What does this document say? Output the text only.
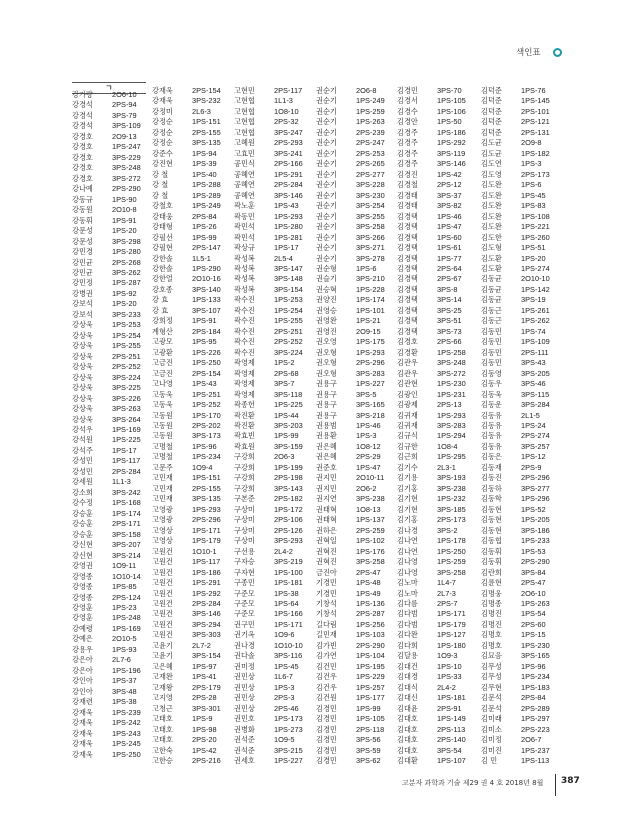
색인표
ㄱ
강가량	2O6-10
강경석	2PS-94
강경석	3PS-79
강경석	3PS-109
강경호	2O9-13
강경호	1PS-247
강경호	3PS-229
강경호	3PS-248
강경호	3PS-272
강나예	2PS-290
강동규	1PS-90
강동원	2O10-8
강동휘	1PS-91
강문성	1PS-20
강문성	3PS-298
강민경	1PS-280
강민균	2PS-268
강민균	3PS-262
강민정	1PS-287
강병권	1PS-92
강보석	1PS-20
강보석	3PS-233
강상욱	1PS-253
강상욱	1PS-254
강상욱	1PS-255
강상욱	2PS-251
강상욱	2PS-252
강상욱	3PS-224
강상욱	3PS-225
강상욱	3PS-226
강상욱	3PS-263
강상욱	3PS-264
강석우	1PS-169
강석원	1PS-225
강석주	1PS-17
강성민	1PS-117
강성민	2PS-284
강세원	1L1-3
강소희	3PS-242
강수정	1PS-168
강승훈	1PS-174
강승훈	2PS-171
강승훈	3PS-158
강신현	3PS-207
강신현	3PS-214
강영권	1O9-11
강영종	1O10-14
강영종	1PS-85
강영종	2PS-124
강영훈	1PS-23
강영훈	1PS-248
강예령	1PS-169
강예은	2O10-5
강용우	1PS-93
강은아	2L7-6
강은아	1PS-196
강인아	1PS-37
강인아	3PS-48
강재련	1PS-38
강재욱	1PS-239
강재욱	1PS-242
강재욱	1PS-243
강재욱	1PS-245
강재욱	1PS-250
강재욱	2PS-154
강재욱	3PS-232
강정미	2L6-3
강정순	1PS-151
강정순	2PS-155
강정순	3PS-135
강준수	1PS-94
강진현	1PS-39
강 철	1PS-40
강 철	1PS-288
강 철	1PS-289
강철호	1PS-249
강태웅	2PS-84
강태형	1PS-26
강필선	1PS-99
강필현	2PS-147
강한솔	1L5-1
강한솔	1PS-290
강한얼	2O10-16
강호종	3PS-140
강 효	1PS-133
강 효	3PS-107
강희정	1PS-91
계형산	2PS-184
고광모	1PS-95
고광환	1PS-226
고금진	1PS-250
고금진	2PS-154
고나영	1PS-43
고동욱	1PS-251
고동욱	1PS-252
고동원	1PS-170
고동원	2PS-202
고동원	3PS-173
고명철	1PS-96
고명철	1PS-234
고문주	1O9-4
고민재	1PS-151
고민재	2PS-155
고민재	3PS-135
고영광	1PS-293
고영광	2PS-296
고영상	1PS-171
고영상	1PS-179
고원건	1O10-1
고원건	1PS-117
고원건	1PS-186
고원건	1PS-291
고원건	1PS-292
고원건	2PS-284
고원건	3PS-146
고원건	3PS-294
고원건	3PS-303
고윤기	2L7-2
고윤기	3PS-154
고은혜	1PS-97
고재완	1PS-41
고재왕	2PS-179
고지영	2PS-28
고청근	3PS-301
고태호	1PS-9
고태호	1PS-98
고태호	2PS-20
고한숙	1PS-42
고한승	2PS-216
고현민	2PS-117
고현협	1L1-3
고현협	1O8-10
고현협	2PS-32
고현협	3PS-247
고혜원	2PS-293
고효민	3PS-241
공민식	2PS-166
공혜연	1PS-291
공혜연	2PS-284
공혜연	3PS-146
곽노훈	1PS-43
곽동민	1PS-293
곽민석	1PS-280
곽민석	1PS-281
곽상규	1PS-17
곽성복	2L5-4
곽성복	3PS-147
곽성복	3PS-148
곽성복	3PS-154
곽수진	1PS-253
곽수진	1PS-254
곽수진	1PS-255
곽수진	2PS-251
곽수진	2PS-252
곽수진	3PS-224
곽영제	1PS-2
곽영제	2PS-68
곽영제	3PS-7
곽영제	3PS-118
곽종헌	1PS-225
곽진환	1PS-44
곽진환	3PS-203
곽효빈	1PS-99
곽효원	3PS-159
구강희	2O6-3
구강희	1PS-199
구강희	2PS-198
구강희	3PS-143
구본준	2PS-182
구상미	1PS-172
구상미	2PS-106
구상미	2PS-126
구상미	3PS-293
구선용	2L4-2
구자승	3PS-219
구자현	1PS-100
구종민	1PS-181
구준모	1PS-38
구준모	1PS-64
구준모	1PS-166
권구민	1PS-171
권기옥	1O9-6
권나경	1O10-10
권다솔	3PS-116
권미정	1PS-45
권민상	1L6-7
권민상	1PS-3
권민상	2PS-3
권민상	2PS-46
권민호	1PS-173
권병화	1PS-273
권석준	1O9-5
권석준	3PS-215
권세호	1PS-227
권순기	2O6-8
권순기	1PS-249
권순기	1PS-259
권순기	1PS-263
권순기	2PS-239
권순기	2PS-247
권순기	2PS-253
권순기	2PS-265
권순기	2PS-277
권순기	3PS-228
권순기	3PS-230
권순기	3PS-254
권순기	3PS-255
권순기	3PS-258
권순기	3PS-266
권순기	3PS-271
권순기	3PS-278
권순형	1PS-6
권슬기	3PS-210
권승혁	1PS-228
권양진	1PS-174
권영승	1PS-101
권영완	1PS-21
권영진	2O9-15
권오영	1PS-175
권오형	1PS-293
권오형	2PS-296
권오형	3PS-283
권용구	1PS-227
권용구	3PS-5
권용구	3PS-165
권용구	3PS-218
권용범	1PS-46
권용환	1PS-3
권은혜	1O8-12
권은혜	2PS-29
권준호	1PS-47
권지민	2O10-11
권지민	2O6-2
권지연	3PS-238
권태혁	1O8-13
권태혁	1PS-137
권하은	2PS-259
권혁일	1PS-102
권혁진	1PS-176
권혁진	3PS-258
금진아	2PS-47
기경민	1PS-48
기경민	1PS-49
기창석	1PS-136
기창석	2PS-287
길다림	1PS-256
길민재	1PS-103
김가빈	2PS-290
김가연	1PS-104
김건민	1PS-195
김건우	1PS-229
김건우	1PS-257
김건원	1PS-177
김경민	1PS-99
김경민	1PS-105
김경민	2PS-118
김경민	3PS-56
김경민	3PS-59
김경민	3PS-62
김경민	3PS-70
김경서	1PS-105
김경수	1PS-106
김경안	1PS-50
김경주	1PS-186
김경주	1PS-292
김경주	3PS-119
김경주	3PS-146
김경진	1PS-42
김경철	2PS-12
김경태	3PS-37
김경태	3PS-82
김경택	1PS-46
김경택	1PS-47
김경택	1PS-60
김경택	1PS-61
김경택	1PS-77
김경택	2PS-64
김경택	2PS-67
김경택	3PS-8
김경택	3PS-14
김경택	3PS-25
김경택	3PS-51
김경택	3PS-73
김경호	2PS-66
김경환	1PS-258
김관우	3PS-248
김관우	3PS-272
김관현	1PS-230
김광인	1PS-231
김광제	2PS-13
김귀재	1PS-293
김귀재	3PS-283
김규식	1PS-294
김규한	1O8-4
김근희	1PS-295
김기수	2L3-1
김기용	3PS-193
김기홍	3PS-238
김기현	1PS-232
김기현	3PS-185
김기홍	2PS-173
김나경	3PS-2
김나연	1PS-178
김나연	1PS-250
김나영	1PS-259
김나영	3PS-258
김노마	1L4-7
김노마	2L7-3
김다름	2PS-7
김다범	1PS-171
김다범	1PS-179
김다완	1PS-127
김다희	1PS-180
김달용	1O9-3
김대건	1PS-10
김대경	1PS-33
김대식	2L4-2
김대신	1PS-181
김대윤	2PS-91
김대호	1PS-149
김대호	2PS-113
김대호	2PS-140
김대호	3PS-54
김대환	1PS-107
김덕준	1PS-76
김덕준	1PS-145
김덕준	2PS-101
김덕준	2PS-121
김덕준	2PS-131
김도균	2O9-8
김도균	1PS-182
김도연	1PS-3
김도영	2PS-173
김도완	1PS-6
김도완	1PS-45
김도완	1PS-83
김도완	1PS-108
김도완	1PS-221
김도한	1PS-260
김도형	1PS-51
김도환	1PS-20
김도환	1PS-274
김동균	2O10-10
김동균	1PS-142
김동균	3PS-19
김동근	1PS-261
김동근	1PS-262
김동민	1PS-74
김동민	1PS-109
김동민	2PS-111
김동민	3PS-43
김동영	3PS-205
김동우	3PS-46
김동욱	3PS-115
김동운	3PS-284
김동유	2L1-5
김동유	1PS-24
김동유	2PS-274
김동유	3PS-257
김동은	1PS-12
김동재	2PS-9
김동진	2PS-296
김동하	3PS-277
김동학	1PS-296
김동현	1PS-52
김동현	1PS-205
김동현	3PS-186
김동협	1PS-233
김동휘	1PS-53
김동휘	2PS-290
김란희	3PS-84
김륜현	2PS-47
김명웅	2O6-10
김명종	1PS-263
김명진	1PS-54
김명진	2PS-60
김명호	1PS-15
김명호	1PS-230
김묘음	3PS-165
김무성	1PS-96
김무성	1PS-234
김무현	1PS-183
김문석	2PS-84
김문석	2PS-289
김미래	1PS-297
김미소	2PS-223
김미정	2O6-7
김미진	1PS-237
김 민	1PS-113
고분자 과학과 기술 제29 권 4 호 2018년 8월 387
